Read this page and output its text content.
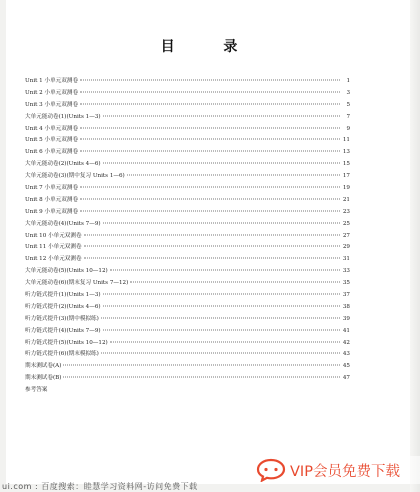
目 录
Unit 1 小单元双测卷	1
Unit 2 小单元双测卷	3
Unit 3 小单元双测卷	5
大单元能动卷(1)(Units 1—3)	7
Unit 4 小单元双测卷	9
Unit 5 小单元双测卷	11
Unit 6 小单元双测卷	13
大单元能动卷(2)(Units 4—6)	15
大单元能动卷(3)(期中复习 Units 1—6)	17
Unit 7 小单元双测卷	19
Unit 8 小单元双测卷	21
Unit 9 小单元双测卷	23
大单元能动卷(4)(Units 7—9)	25
Unit 10 小单元双测卷	27
Unit 11 小单元双测卷	29
Unit 12 小单元双测卷	31
大单元能动卷(5)(Units 10—12)	33
大单元能动卷(6)(期末复习 Units 7—12)	35
听力链式提升(1)(Units 1—3)	37
听力链式提升(2)(Units 4—6)	38
听力链式提升(3)(期中模拟练)	39
听力链式提升(4)(Units 7—9)	41
听力链式提升(5)(Units 10—12)	42
听力链式提升(6)(期末模拟练)	43
期末测试卷(A)	45
期末测试卷(B)	47
参考答案
ui.com : 百度搜索：睦慧学习资料网-访问免费下载
VIP会员免费下载
